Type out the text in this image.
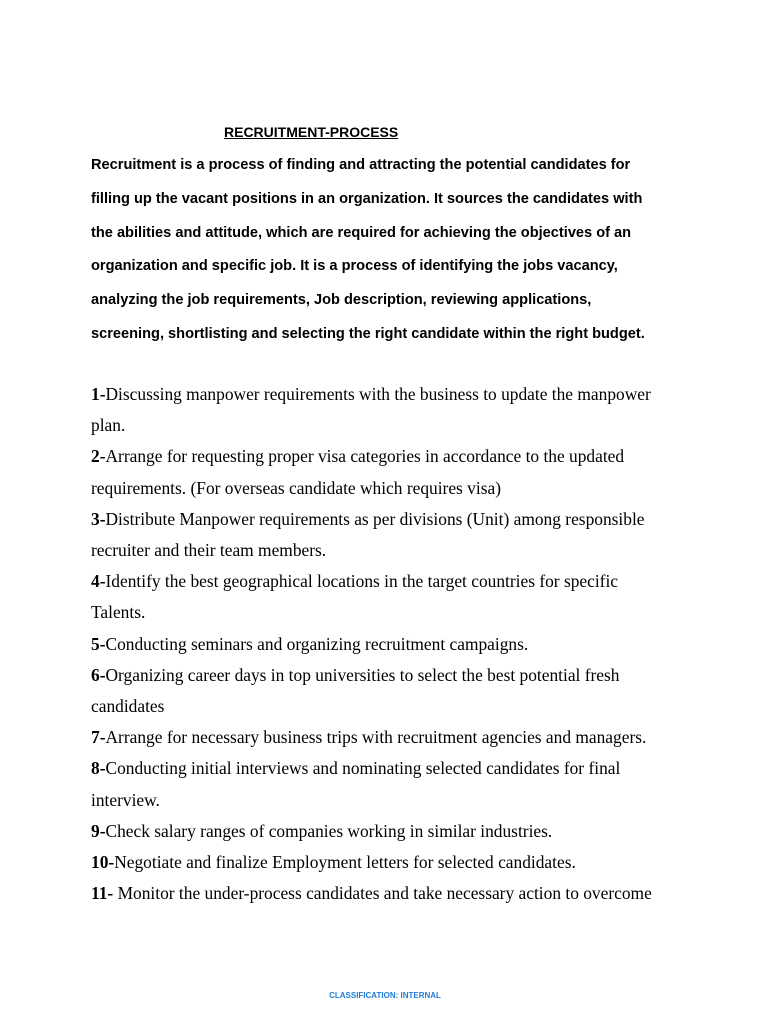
RECRUITMENT-PROCESS
Recruitment is a process of finding and attracting the potential candidates for
filling up the vacant positions in an organization. It sources the candidates with
the abilities and attitude, which are required for achieving the objectives of an
organization and specific job. It is a process of identifying the jobs vacancy,
analyzing the job requirements, Job description, reviewing applications,
screening, shortlisting and selecting the right candidate within the right budget.
1-Discussing manpower requirements with the business to update the manpower
plan.
2-Arrange for requesting proper visa categories in accordance to the updated
requirements. (For overseas candidate which requires visa)
3-Distribute Manpower requirements as per divisions (Unit) among responsible
recruiter and their team members.
4-Identify the best geographical locations in the target countries for specific
Talents.
5-Conducting seminars and organizing recruitment campaigns.
6-Organizing career days in top universities to select the best potential fresh
candidates
7-Arrange for necessary business trips with recruitment agencies and managers.
8-Conducting initial interviews and nominating selected candidates for final
interview.
9-Check salary ranges of companies working in similar industries.
10-Negotiate and finalize Employment letters for selected candidates.
11- Monitor the under-process candidates and take necessary action to overcome
CLASSIFICATION: INTERNAL
